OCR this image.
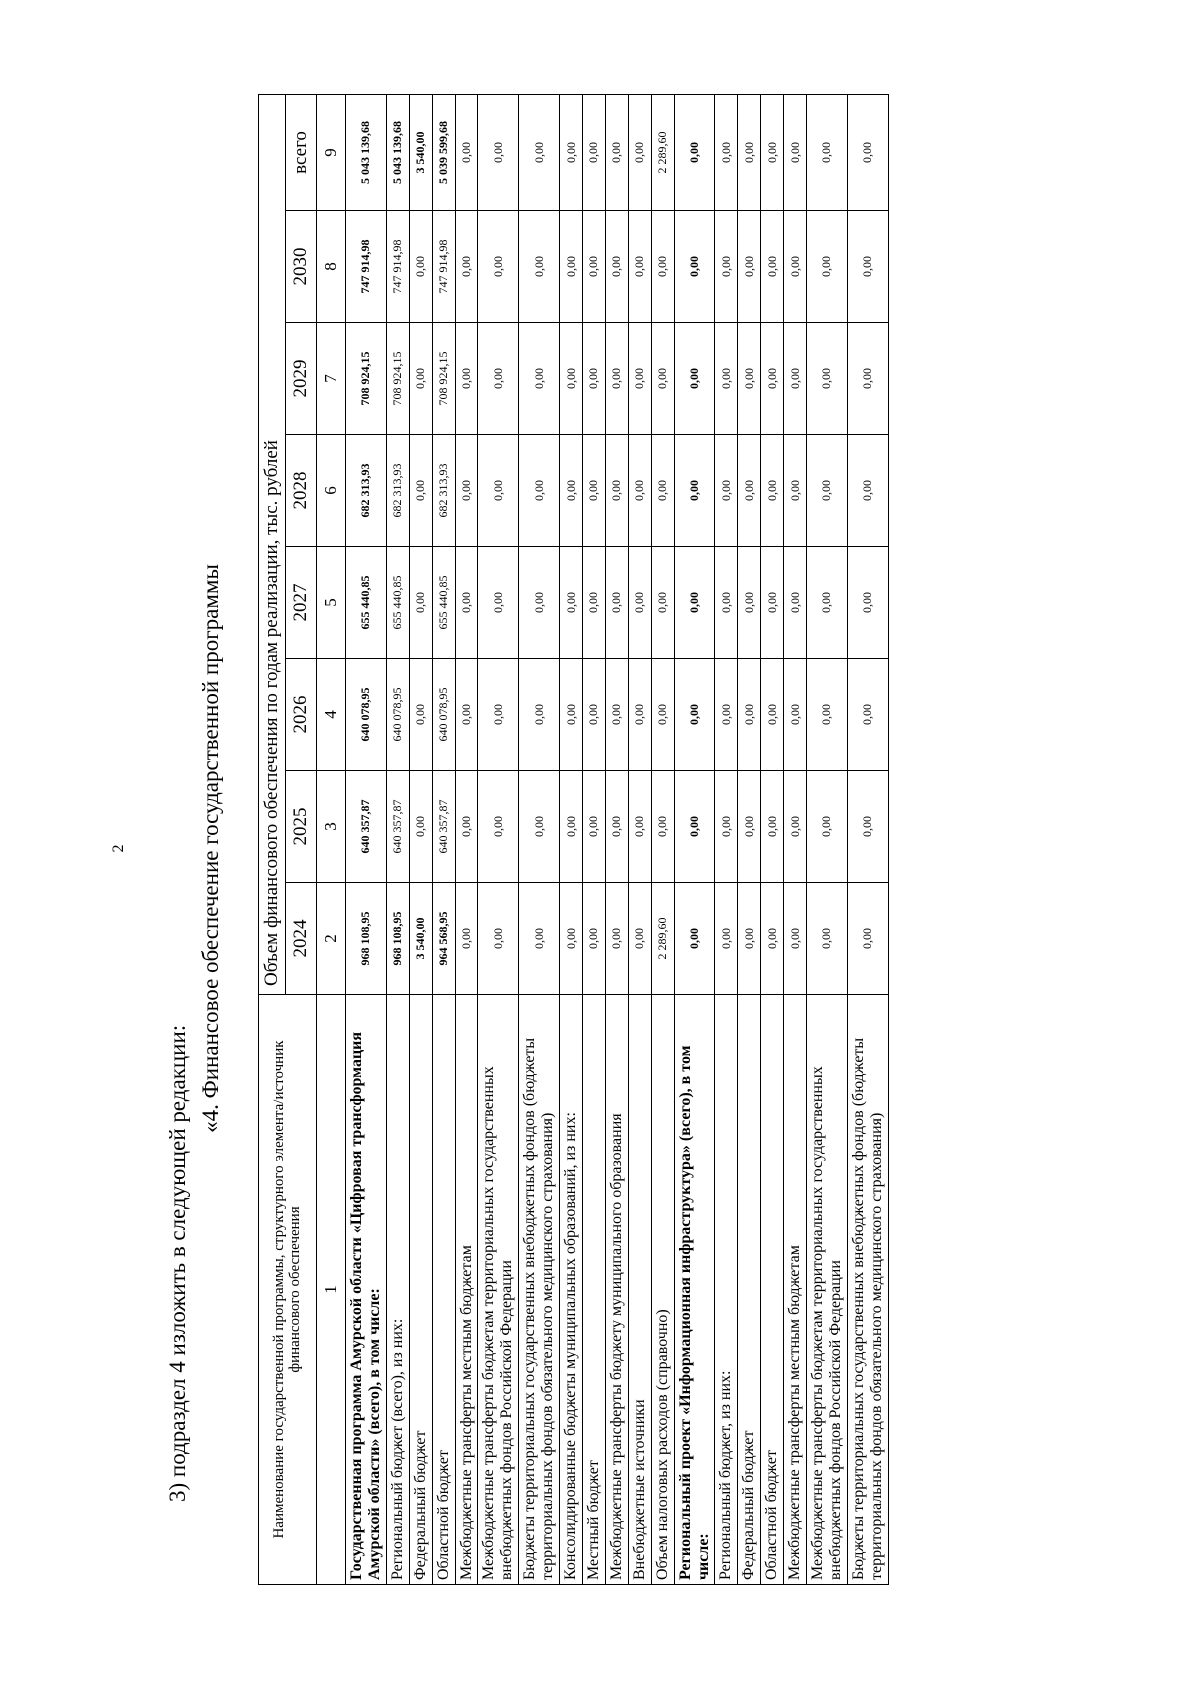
2
3) подраздел 4 изложить в следующей редакции:
«4. Финансовое обеспечение государственной программы
Наименование государственной программы, структурного элемента/источник финансового обеспечения	Объем финансового обеспечения по годам реализации, тыс. рублей							
	2024	2025	2026	2027	2028	2029	2030	всего
1	2	3	4	5	6	7	8	9
Государственная программа Амурской области «Цифровая трансформация Амурской области» (всего), в том числе:	968 108,95	640 357,87	640 078,95	655 440,85	682 313,93	708 924,15	747 914,98	5 043 139,68
Региональный бюджет (всего), из них:	968 108,95	640 357,87	640 078,95	655 440,85	682 313,93	708 924,15	747 914,98	5 043 139,68
Федеральный бюджет	3 540,00	0,00	0,00	0,00	0,00	0,00	0,00	3 540,00
Областной бюджет	964 568,95	640 357,87	640 078,95	655 440,85	682 313,93	708 924,15	747 914,98	5 039 599,68
Межбюджетные трансферты местным бюджетам	0,00	0,00	0,00	0,00	0,00	0,00	0,00	0,00
Межбюджетные трансферты бюджетам территориальных государственных внебюджетных фондов Российской Федерации	0,00	0,00	0,00	0,00	0,00	0,00	0,00	0,00
Бюджеты территориальных государственных внебюджетных фондов (бюджеты территориальных фондов обязательного медицинского страхования)	0,00	0,00	0,00	0,00	0,00	0,00	0,00	0,00
Консолидированные бюджеты муниципальных образований, из них:	0,00	0,00	0,00	0,00	0,00	0,00	0,00	0,00
Местный бюджет	0,00	0,00	0,00	0,00	0,00	0,00	0,00	0,00
Межбюджетные трансферты бюджету муниципального образования	0,00	0,00	0,00	0,00	0,00	0,00	0,00	0,00
Внебюджетные источники	0,00	0,00	0,00	0,00	0,00	0,00	0,00	0,00
Объем налоговых расходов (справочно)	2 289,60	0,00	0,00	0,00	0,00	0,00	0,00	2 289,60
Региональный проект «Информационная инфраструктура» (всего), в том числе:	0,00	0,00	0,00	0,00	0,00	0,00	0,00	0,00
Региональный бюджет, из них:	0,00	0,00	0,00	0,00	0,00	0,00	0,00	0,00
Федеральный бюджет	0,00	0,00	0,00	0,00	0,00	0,00	0,00	0,00
Областной бюджет	0,00	0,00	0,00	0,00	0,00	0,00	0,00	0,00
Межбюджетные трансферты местным бюджетам	0,00	0,00	0,00	0,00	0,00	0,00	0,00	0,00
Межбюджетные трансферты бюджетам территориальных государственных внебюджетных фондов Российской Федерации	0,00	0,00	0,00	0,00	0,00	0,00	0,00	0,00
Бюджеты территориальных государственных внебюджетных фондов (бюджеты территориальных фондов обязательного медицинского страхования)	0,00	0,00	0,00	0,00	0,00	0,00	0,00	0,00
